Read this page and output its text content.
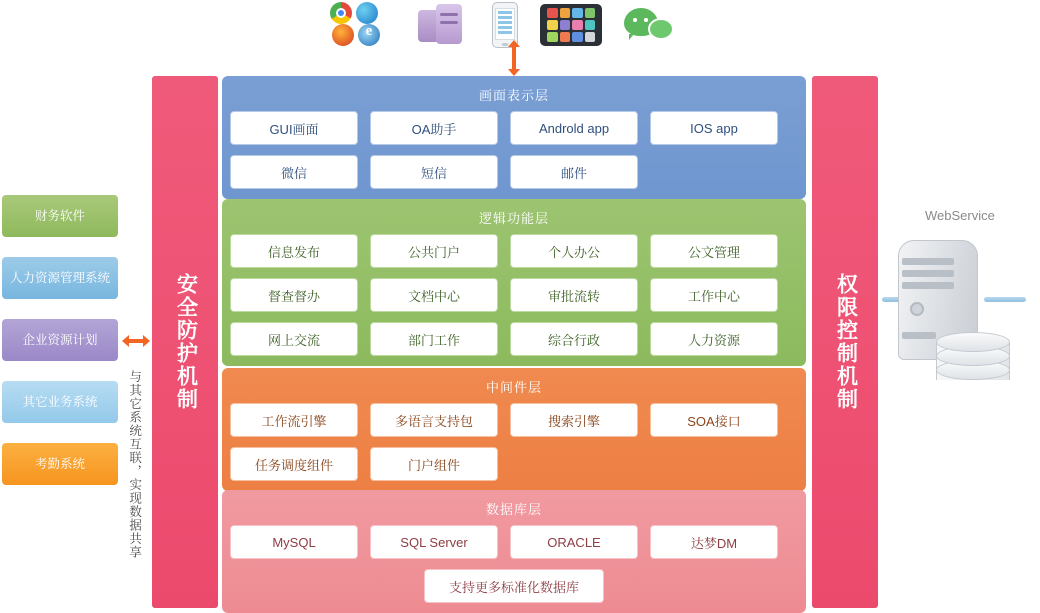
e
财务软件
人力资源管理系统
企业资源计划
其它业务系统
考勤系统	与其它系统互联，实现数据共享
安全防护机制	权限控制机制
WebService
画面表示层
GUI画面	OA助手	Androld app	IOS app
微信	短信	邮件
逻辑功能层
信息发布	公共门户	个人办公	公文管理
督查督办	文档中心	审批流转	工作中心
网上交流	部门工作	综合行政	人力资源
中间件层
工作流引擎	多语言支持包	搜索引擎	SOA接口
任务调度组件	门户组件
数据库层
MySQL	SQL Server	ORACLE	达梦DM
支持更多标准化数据库
